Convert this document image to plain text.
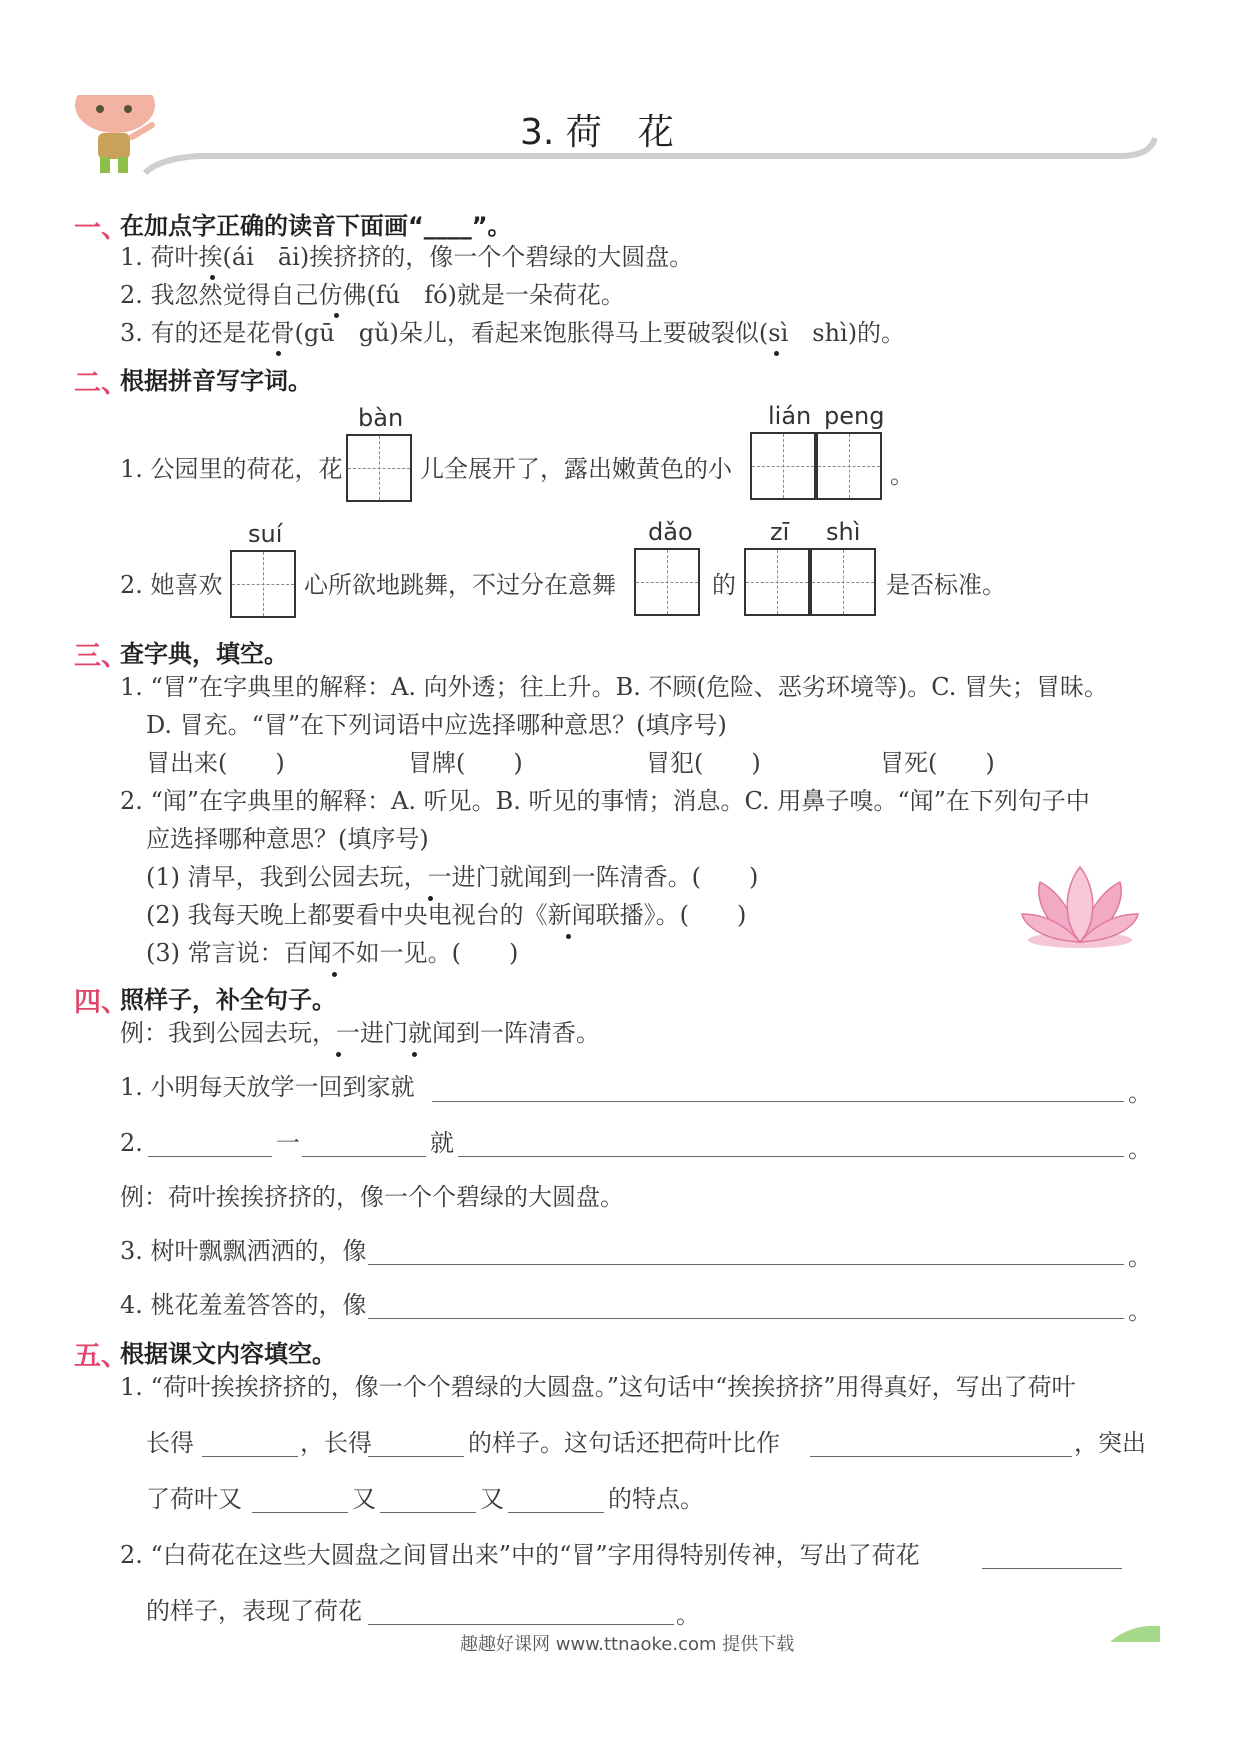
3. 荷　花
一、
在加点字正确的读音下面画“____”。
1. 荷叶挨(ái　āi)挨挤挤的，像一个个碧绿的大圆盘。
2. 我忽然觉得自己仿佛(fú　fó)就是一朵荷花。
3. 有的还是花骨(gū　gǔ)朵儿，看起来饱胀得马上要破裂似(sì　shì)的。
二、
根据拼音写字词。
bàn	lián peng
1. 公园里的荷花，花	儿全展开了，露出嫩黄色的小	。
suí	dǎo	zī shì
2. 她喜欢	心所欲地跳舞，不过分在意舞	的	是否标准。
三、
查字典，填空。
1. “冒”在字典里的解释：A. 向外透；往上升。B. 不顾(危险、恶劣环境等)。C. 冒失；冒昧。
D. 冒充。“冒”在下列词语中应选择哪种意思？(填序号)
冒出来(　　)	冒牌(　　)	冒犯(　　)	冒死(　　)
2. “闻”在字典里的解释：A. 听见。B. 听见的事情；消息。C. 用鼻子嗅。“闻”在下列句子中
应选择哪种意思？(填序号)
(1) 清早，我到公园去玩，一进门就闻到一阵清香。(　　)
(2) 我每天晚上都要看中央电视台的《新闻联播》。(　　)
(3) 常言说：百闻不如一见。(　　)
四、
照样子，补全句子。
例：我到公园去玩，一进门就闻到一阵清香。
1. 小明每天放学一回到家就	。
2.	一	就	。
例：荷叶挨挨挤挤的，像一个个碧绿的大圆盘。
3. 树叶飘飘洒洒的，像	。
4. 桃花羞羞答答的，像	。
五、
根据课文内容填空。
1. “荷叶挨挨挤挤的，像一个个碧绿的大圆盘。”这句话中“挨挨挤挤”用得真好，写出了荷叶
长得	，长得	的样子。这句话还把荷叶比作	，突出
了荷叶又	又	又	的特点。
2. “白荷花在这些大圆盘之间冒出来”中的“冒”字用得特别传神，写出了荷花
的样子，表现了荷花	。
趣趣好课网 www.ttnaoke.com 提供下载
